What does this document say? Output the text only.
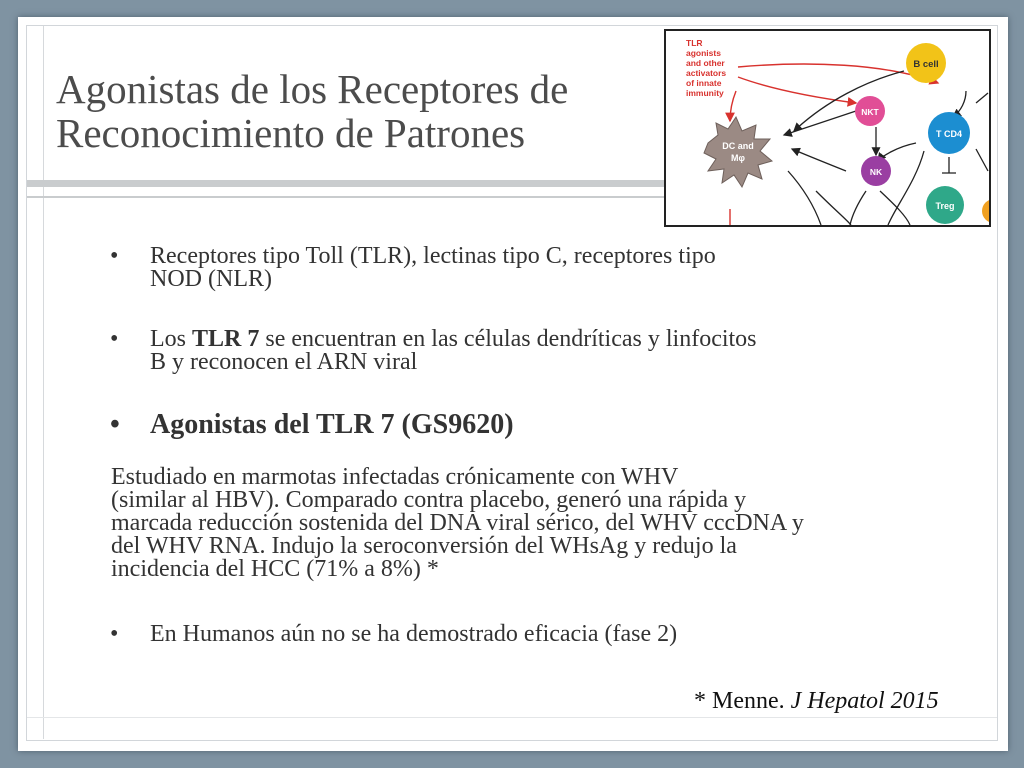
Agonistas de los Receptores de
Reconocimiento de Patrones
TLR
agonists
and other
activators
of innate
immunity
DC and
Mφ
B cell
NKT
T CD4
NK
Treg
• Receptores tipo Toll (TLR), lectinas tipo C, receptores tipo
NOD (NLR)
• Los TLR 7 se encuentran en las células dendríticas y linfocitos
B y reconocen el ARN viral
• Agonistas del TLR 7 (GS9620)
Estudiado en marmotas infectadas crónicamente con WHV
(similar al HBV). Comparado contra placebo, generó una rápida y
marcada reducción sostenida del DNA viral sérico, del WHV cccDNA y
del WHV RNA. Indujo la seroconversión del WHsAg y redujo la
incidencia del HCC (71% a 8%) *
• En Humanos aún no se ha demostrado eficacia (fase 2)
* Menne. J Hepatol 2015
